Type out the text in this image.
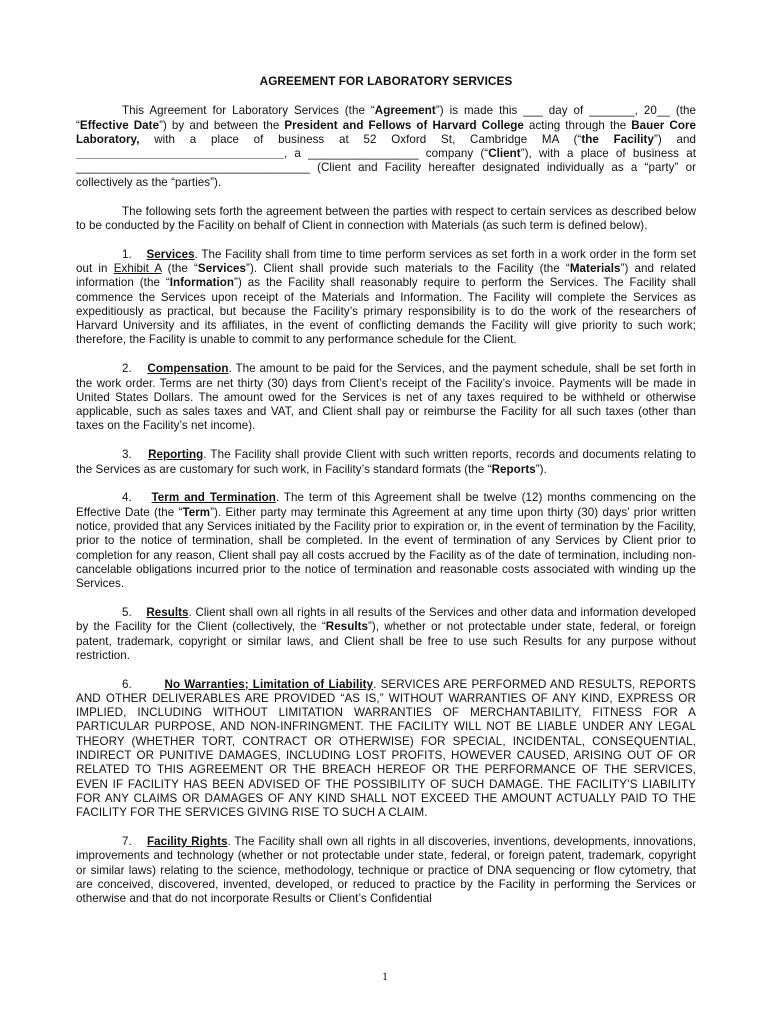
AGREEMENT FOR LABORATORY SERVICES

This Agreement for Laboratory Services (the “Agreement”) is made this ___ day of _______, 20__ (the “Effective Date”) by and between the President and Fellows of Harvard College acting through the Bauer Core Laboratory, with a place of business at 52 Oxford St, Cambridge MA (“the Facility”) and ________________________________, a _________________ company (“Client”), with a place of business at ____________________________________ (Client and Facility hereafter designated individually as a “party” or collectively as the “parties”).

The following sets forth the agreement between the parties with respect to certain services as described below to be conducted by the Facility on behalf of Client in connection with Materials (as such term is defined below).

1. Services. The Facility shall from time to time perform services as set forth in a work order in the form set out in Exhibit A (the “Services”). Client shall provide such materials to the Facility (the “Materials”) and related information (the “Information”) as the Facility shall reasonably require to perform the Services. The Facility shall commence the Services upon receipt of the Materials and Information. The Facility will complete the Services as expeditiously as practical, but because the Facility’s primary responsibility is to do the work of the researchers of Harvard University and its affiliates, in the event of conflicting demands the Facility will give priority to such work; therefore, the Facility is unable to commit to any performance schedule for the Client.

2. Compensation. The amount to be paid for the Services, and the payment schedule, shall be set forth in the work order. Terms are net thirty (30) days from Client’s receipt of the Facility’s invoice. Payments will be made in United States Dollars. The amount owed for the Services is net of any taxes required to be withheld or otherwise applicable, such as sales taxes and VAT, and Client shall pay or reimburse the Facility for all such taxes (other than taxes on the Facility’s net income).

3. Reporting. The Facility shall provide Client with such written reports, records and documents relating to the Services as are customary for such work, in Facility’s standard formats (the “Reports”).

4. Term and Termination. The term of this Agreement shall be twelve (12) months commencing on the Effective Date (the “Term”). Either party may terminate this Agreement at any time upon thirty (30) days’ prior written notice, provided that any Services initiated by the Facility prior to expiration or, in the event of termination by the Facility, prior to the notice of termination, shall be completed. In the event of termination of any Services by Client prior to completion for any reason, Client shall pay all costs accrued by the Facility as of the date of termination, including non-cancelable obligations incurred prior to the notice of termination and reasonable costs associated with winding up the Services.

5. Results. Client shall own all rights in all results of the Services and other data and information developed by the Facility for the Client (collectively, the “Results”), whether or not protectable under state, federal, or foreign patent, trademark, copyright or similar laws, and Client shall be free to use such Results for any purpose without restriction.

6.	No Warranties; Limitation of Liability. SERVICES ARE PERFORMED AND RESULTS, REPORTS AND OTHER DELIVERABLES ARE PROVIDED “AS IS,” WITHOUT WARRANTIES OF ANY KIND, EXPRESS OR IMPLIED, INCLUDING WITHOUT LIMITATION WARRANTIES OF MERCHANTABILITY, FITNESS FOR A PARTICULAR PURPOSE, AND NON-INFRINGMENT. THE FACILITY WILL NOT BE LIABLE UNDER ANY LEGAL THEORY (WHETHER TORT, CONTRACT OR OTHERWISE) FOR SPECIAL, INCIDENTAL, CONSEQUENTIAL, INDIRECT OR PUNITIVE DAMAGES, INCLUDING LOST PROFITS, HOWEVER CAUSED, ARISING OUT OF OR RELATED TO THIS AGREEMENT OR THE BREACH HEREOF OR THE PERFORMANCE OF THE SERVICES, EVEN IF FACILITY HAS BEEN ADVISED OF THE POSSIBILITY OF SUCH DAMAGE. THE FACILITY’S LIABILITY FOR ANY CLAIMS OR DAMAGES OF ANY KIND SHALL NOT EXCEED THE AMOUNT ACTUALLY PAID TO THE FACILITY FOR THE SERVICES GIVING RISE TO SUCH A CLAIM.

7. Facility Rights. The Facility shall own all rights in all discoveries, inventions, developments, innovations, improvements and technology (whether or not protectable under state, federal, or foreign patent, trademark, copyright or similar laws) relating to the science, methodology, technique or practice of DNA sequencing or flow cytometry, that are conceived, discovered, invented, developed, or reduced to practice by the Facility in performing the Services or otherwise and that do not incorporate Results or Client’s Confidential

1
